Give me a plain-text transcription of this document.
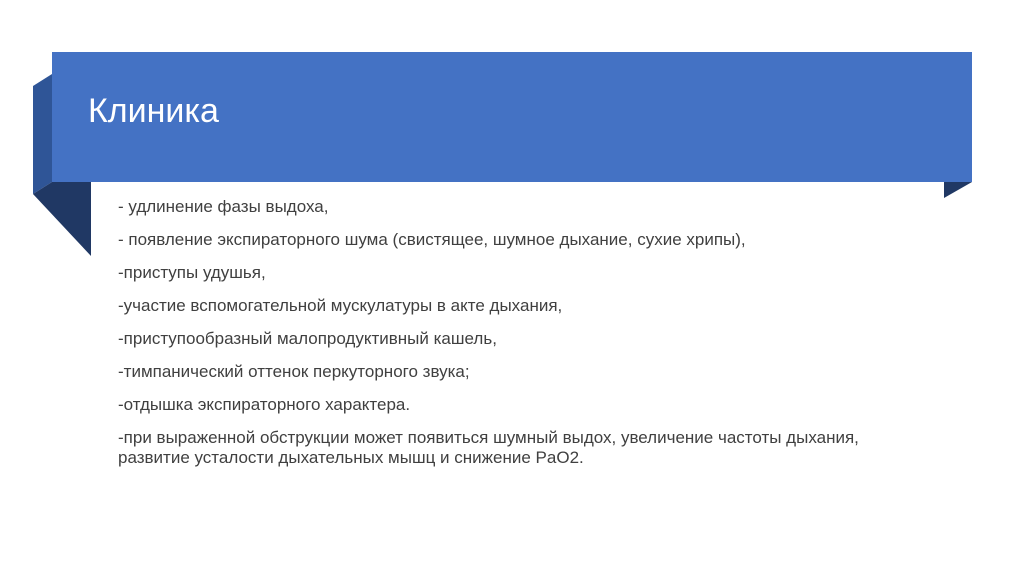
Клиника

- удлинение фазы выдоха,

- появление экспираторного шума (свистящее, шумное дыхание, сухие хрипы),

-приступы удушья,

-участие вспомогательной мускулатуры в акте дыхания,

-приступообразный малопродуктивный кашель,

-тимпанический оттенок перкуторного звука;

-отдышка экспираторного характера.

-при выраженной обструкции может появиться шумный выдох, увеличение частоты дыхания, развитие усталости дыхательных мышц и снижение PaO2.
